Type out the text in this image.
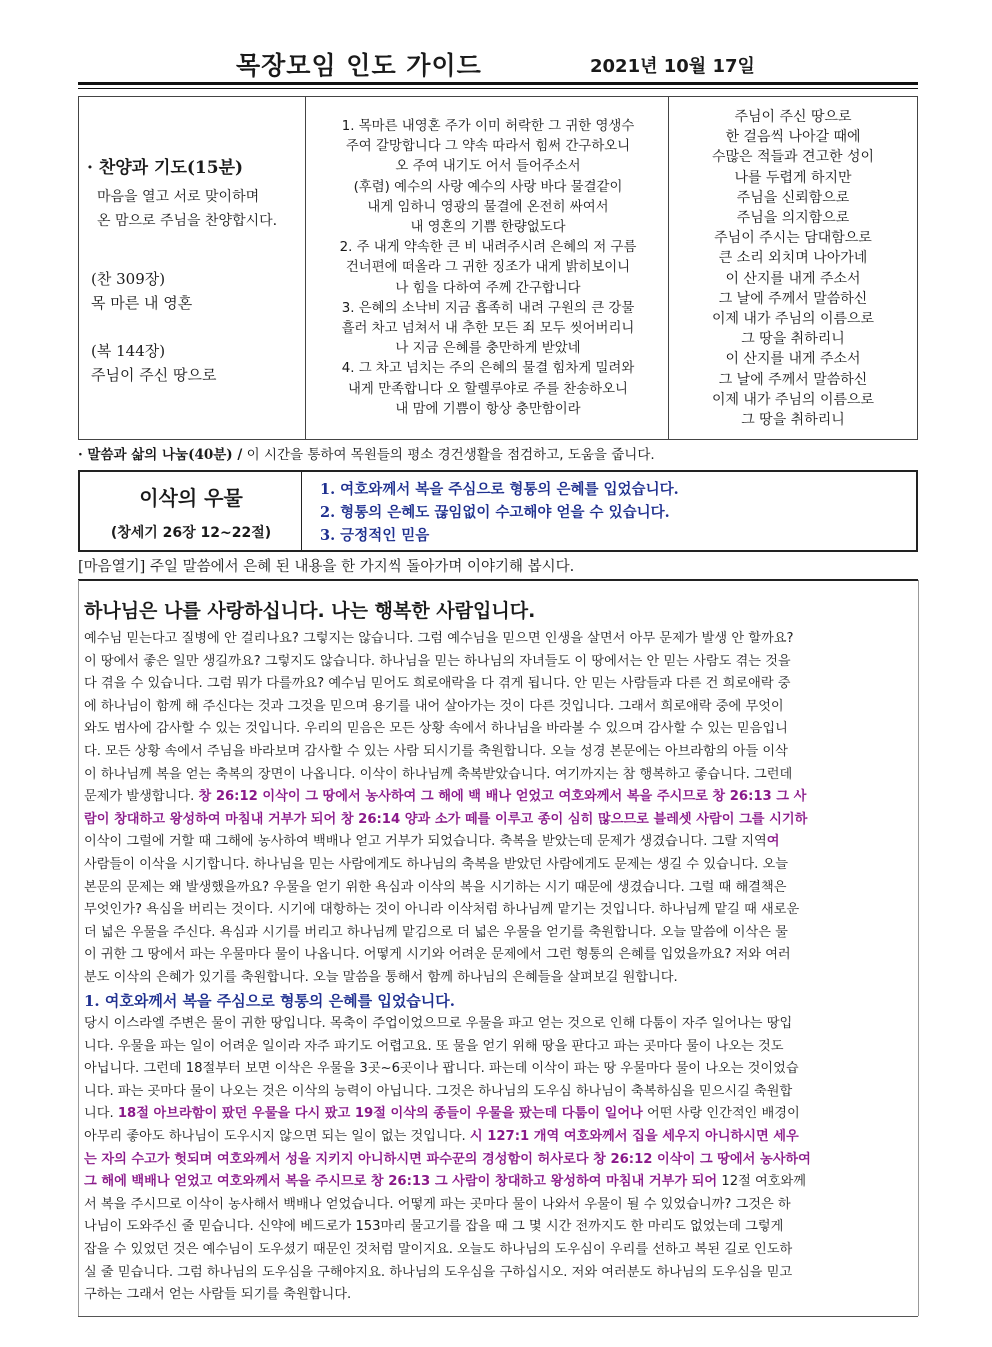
목장모임 인도 가이드	2021년 10월 17일
· 찬양과 기도(15분)
마음을 열고 서로 맞이하며
온 맘으로 주님을 찬양합시다.
(찬 309장)
목 마른 내 영혼
(복 144장)
주님이 주신 땅으로
1. 목마른 내영혼 주가 이미 허락한 그 귀한 영생수
주여 갈망합니다 그 약속 따라서 힘써 간구하오니
오 주여 내기도 어서 들어주소서
(후렴) 예수의 사랑 예수의 사랑 바다 물결같이
내게 임하니 영광의 물결에 온전히 싸여서
내 영혼의 기쁨 한량없도다
2. 주 내게 약속한 큰 비 내려주시려 은혜의 저 구름
건너편에 떠올라 그 귀한 징조가 내게 밝히보이니
나 힘을 다하여 주께 간구합니다
3. 은혜의 소낙비 지금 흡족히 내려 구원의 큰 강물
흘러 차고 넘쳐서 내 추한 모든 죄 모두 씻어버리니
나 지금 은혜를 충만하게 받았네
4. 그 차고 넘치는 주의 은혜의 물결 힘차게 밀려와
내게 만족합니다 오 할렐루야로 주를 찬송하오니
내 맘에 기쁨이 항상 충만함이라
주님이 주신 땅으로
한 걸음씩 나아갈 때에
수많은 적들과 견고한 성이
나를 두렵게 하지만
주님을 신뢰함으로
주님을 의지함으로
주님이 주시는 담대함으로
큰 소리 외치며 나아가네
이 산지를 내게 주소서
그 날에 주께서 말씀하신
이제 내가 주님의 이름으로
그 땅을 취하리니
이 산지를 내게 주소서
그 날에 주께서 말씀하신
이제 내가 주님의 이름으로
그 땅을 취하리니
· 말씀과 삶의 나눔(40분) / 이 시간을 통하여 목원들의 평소 경건생활을 점검하고, 도움을 줍니다.
이삭의 우물
(창세기 26장 12~22절)
1. 여호와께서 복을 주심으로 형통의 은혜를 입었습니다.
2. 형통의 은혜도 끊임없이 수고해야 얻을 수 있습니다.
3. 긍정적인 믿음
[마음열기] 주일 말씀에서 은혜 된 내용을 한 가지씩 돌아가며 이야기해 봅시다.
하나님은 나를 사랑하십니다. 나는 행복한 사람입니다.
예수님 믿는다고 질병에 안 걸리나요? 그렇지는 않습니다. 그럼 예수님을 믿으면 인생을 살면서 아무 문제가 발생 안 할까요?
이 땅에서 좋은 일만 생길까요? 그렇지도 않습니다. 하나님을 믿는 하나님의 자녀들도 이 땅에서는 안 믿는 사람도 겪는 것을
다 겪을 수 있습니다. 그럼 뭐가 다를까요? 예수님 믿어도 희로애락을 다 겪게 됩니다. 안 믿는 사람들과 다른 건 희로애락 중
에 하나님이 함께 해 주신다는 것과 그것을 믿으며 용기를 내어 살아가는 것이 다른 것입니다. 그래서 희로애락 중에 무엇이
와도 범사에 감사할 수 있는 것입니다. 우리의 믿음은 모든 상황 속에서 하나님을 바라볼 수 있으며 감사할 수 있는 믿음입니
다. 모든 상황 속에서 주님을 바라보며 감사할 수 있는 사람 되시기를 축원합니다. 오늘 성경 본문에는 아브라함의 아들 이삭
이 하나님께 복을 얻는 축복의 장면이 나옵니다. 이삭이 하나님께 축복받았습니다. 여기까지는 참 행복하고 좋습니다. 그런데
문제가 발생합니다. 창 26:12 이삭이 그 땅에서 농사하여 그 해에 백 배나 얻었고 여호와께서 복을 주시므로 창 26:13 그 사
람이 창대하고 왕성하여 마침내 거부가 되어 창 26:14 양과 소가 떼를 이루고 종이 심히 많으므로 블레셋 사람이 그를 시기하
이삭이 그럴에 거할 때 그해에 농사하여 백배나 얻고 거부가 되었습니다. 축복을 받았는데 문제가 생겼습니다. 그랄 지역여
사람들이 이삭을 시기합니다. 하나님을 믿는 사람에게도 하나님의 축복을 받았던 사람에게도 문제는 생길 수 있습니다. 오늘
본문의 문제는 왜 발생했을까요? 우물을 얻기 위한 욕심과 이삭의 복을 시기하는 시기 때문에 생겼습니다. 그럴 때 해결책은
무엇인가? 욕심을 버리는 것이다. 시기에 대항하는 것이 아니라 이삭처럼 하나님께 맡기는 것입니다. 하나님께 맡길 때 새로운
더 넓은 우물을 주신다. 욕심과 시기를 버리고 하나님께 맡김으로 더 넓은 우물을 얻기를 축원합니다. 오늘 말씀에 이삭은 물
이 귀한 그 땅에서 파는 우물마다 물이 나옵니다. 어떻게 시기와 어려운 문제에서 그런 형통의 은혜를 입었을까요? 저와 여러
분도 이삭의 은혜가 있기를 축원합니다. 오늘 말씀을 통해서 함께 하나님의 은혜들을 살펴보길 원합니다.
1. 여호와께서 복을 주심으로 형통의 은혜를 입었습니다.
당시 이스라엘 주변은 물이 귀한 땅입니다. 목축이 주업이었으므로 우물을 파고 얻는 것으로 인해 다툼이 자주 일어나는 땅입
니다. 우물을 파는 일이 어려운 일이라 자주 파기도 어렵고요. 또 물을 얻기 위해 땅을 판다고 파는 곳마다 물이 나오는 것도
아닙니다. 그런데 18절부터 보면 이삭은 우물을 3곳~6곳이나 팝니다. 파는데 이삭이 파는 땅 우물마다 물이 나오는 것이었습
니다. 파는 곳마다 물이 나오는 것은 이삭의 능력이 아닙니다. 그것은 하나님의 도우심 하나님이 축복하심을 믿으시길 축원합
니다. 18절 아브라함이 팠던 우물을 다시 팠고 19절 이삭의 종들이 우물을 팠는데 다툼이 일어나 어떤 사랑 인간적인 배경이
아무리 좋아도 하나님이 도우시지 않으면 되는 일이 없는 것입니다. 시 127:1 개역 여호와께서 집을 세우지 아니하시면 세우
는 자의 수고가 헛되며 여호와께서 성을 지키지 아니하시면 파수꾼의 경성함이 허사로다 창 26:12 이삭이 그 땅에서 농사하여
그 해에 백배나 얻었고 여호와께서 복을 주시므로 창 26:13 그 사람이 창대하고 왕성하여 마침내 거부가 되어 12절 여호와께
서 복을 주시므로 이삭이 농사해서 백배나 얻었습니다. 어떻게 파는 곳마다 물이 나와서 우물이 될 수 있었습니까? 그것은 하
나님이 도와주신 줄 믿습니다. 신약에 베드로가 153마리 물고기를 잡을 때 그 몇 시간 전까지도 한 마리도 없었는데 그렇게
잡을 수 있었던 것은 예수님이 도우셨기 때문인 것처럼 말이지요. 오늘도 하나님의 도우심이 우리를 선하고 복된 길로 인도하
실 줄 믿습니다. 그럼 하나님의 도우심을 구해야지요. 하나님의 도우심을 구하십시오. 저와 여러분도 하나님의 도우심을 믿고
구하는 그래서 얻는 사람들 되기를 축원합니다.
